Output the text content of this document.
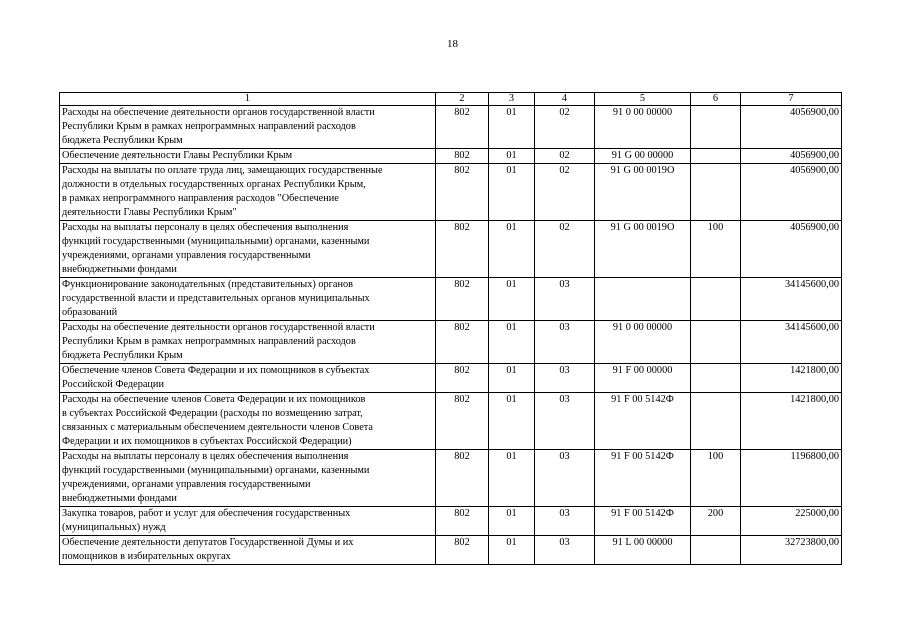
18
1	2	3	4	5	6	7
Расходы на обеспечение деятельности органов государственной власти
Республики Крым в рамках непрограммных направлений расходов
бюджета Республики Крым	802	01	02	91 0 00 00000		4056900,00
Обеспечение деятельности Главы Республики Крым	802	01	02	91 G 00 00000		4056900,00
Расходы на выплаты по оплате труда лиц, замещающих государственные
должности в отдельных государственных органах Республики Крым,
в рамках непрограммного направления расходов "Обеспечение
деятельности Главы Республики Крым"	802	01	02	91 G 00 0019О		4056900,00
Расходы на выплаты персоналу в целях обеспечения выполнения
функций государственными (муниципальными) органами, казенными
учреждениями, органами управления государственными
внебюджетными фондами	802	01	02	91 G 00 0019О	100	4056900,00
Функционирование законодательных (представительных) органов
государственной власти и представительных органов муниципальных
образований	802	01	03			34145600,00
Расходы на обеспечение деятельности органов государственной власти
Республики Крым в рамках непрограммных направлений расходов
бюджета Республики Крым	802	01	03	91 0 00 00000		34145600,00
Обеспечение членов Совета Федерации и их помощников в субъектах
Российской Федерации	802	01	03	91 F 00 00000		1421800,00
Расходы на обеспечение членов Совета Федерации и их помощников
в субъектах Российской Федерации (расходы по возмещению затрат,
связанных с материальным обеспечением деятельности членов Совета
Федерации и их помощников в субъектах Российской Федерации)	802	01	03	91 F 00 5142Ф		1421800,00
Расходы на выплаты персоналу в целях обеспечения выполнения
функций государственными (муниципальными) органами, казенными
учреждениями, органами управления государственными
внебюджетными фондами	802	01	03	91 F 00 5142Ф	100	1196800,00
Закупка товаров, работ и услуг для обеспечения государственных
(муниципальных) нужд	802	01	03	91 F 00 5142Ф	200	225000,00
Обеспечение деятельности депутатов Государственной Думы и их
помощников в избирательных округах	802	01	03	91 L 00 00000		32723800,00
